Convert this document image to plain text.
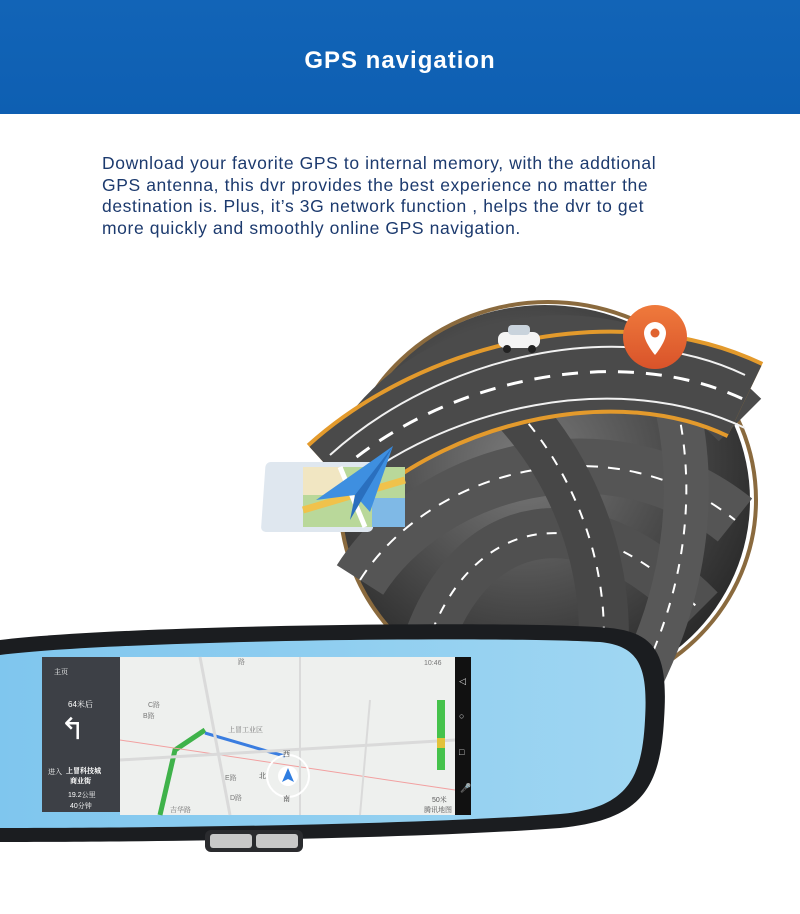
GPS navigation
Download your favorite GPS to internal memory, with the addtional
GPS antenna, this dvr provides the best experience no matter the
destination is. Plus, it’s 3G network function , helps the dvr to get
more quickly and smoothly online GPS navigation.
主页
64米后
↰
进入 上冒科技城
商业街
19.2公里
40分钟
10:46
路
上冒工业区
西
D路
E路
C路
B路
吉华路
北
南	50米
腾讯地图
◁
○
□
🎤
